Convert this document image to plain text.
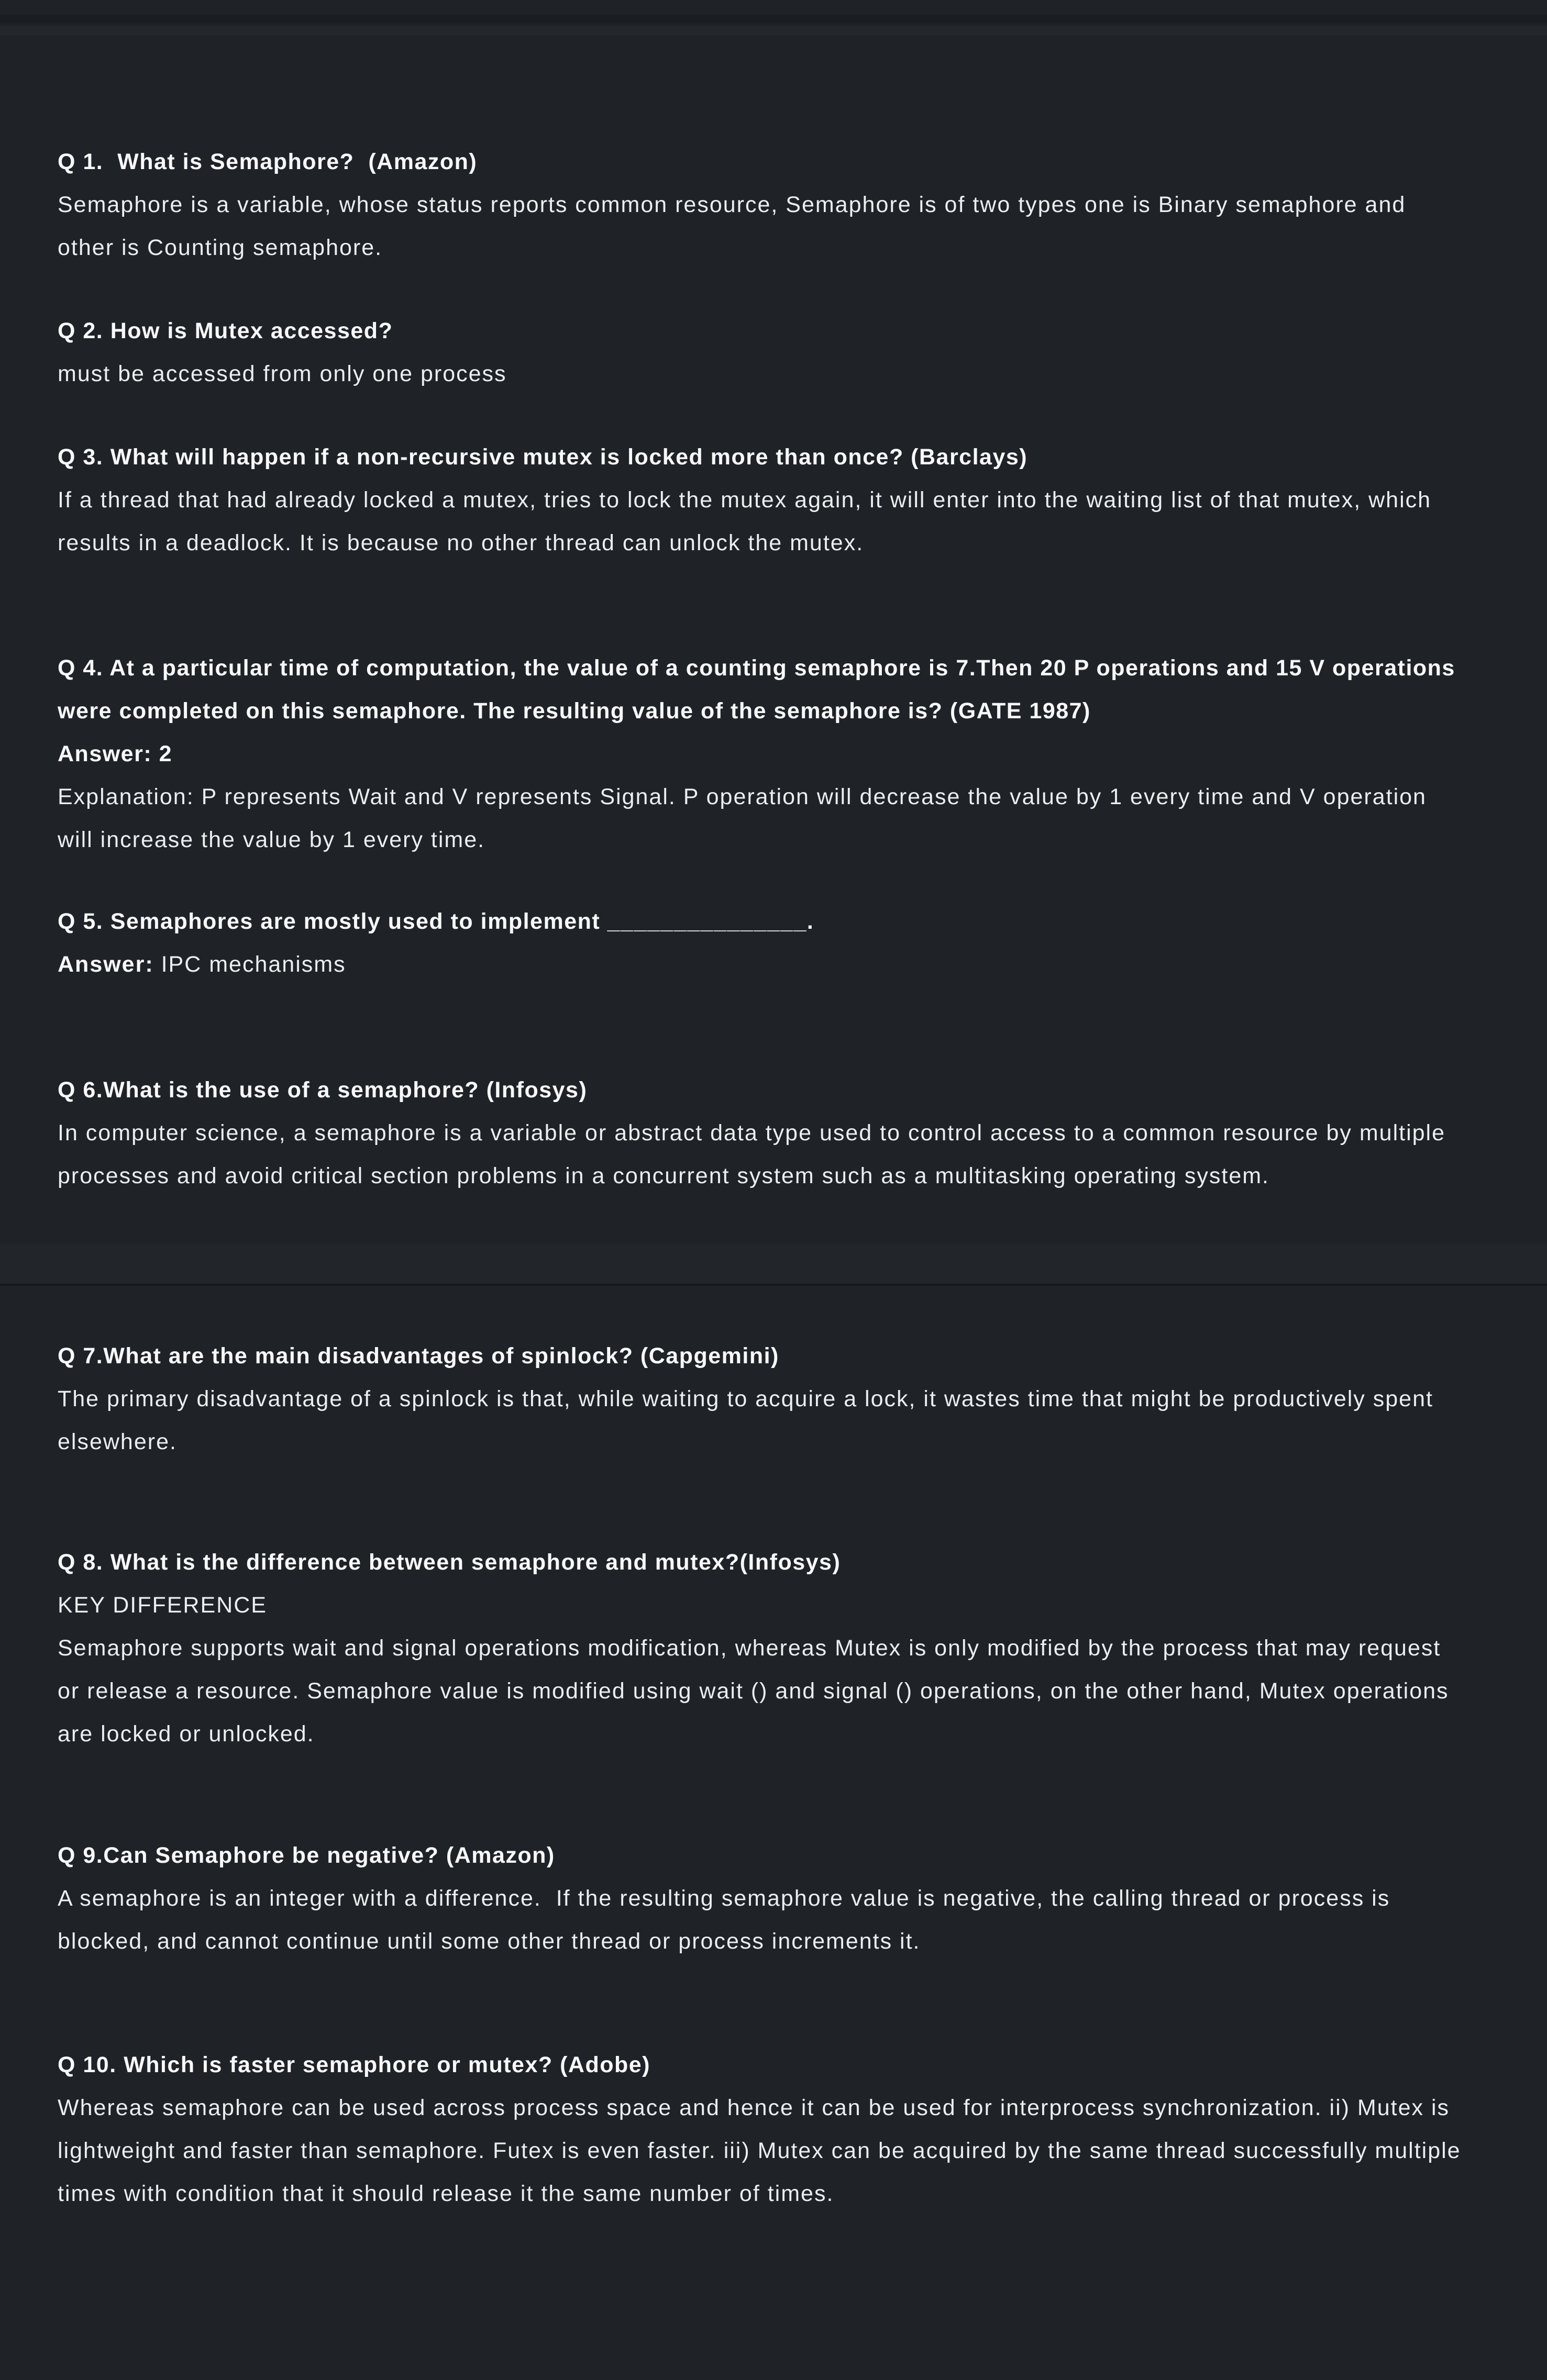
Q 1.  What is Semaphore?  (Amazon)

Semaphore is a variable, whose status reports common resource, Semaphore is of two types one is Binary semaphore and other is Counting semaphore.

Q 2. How is Mutex accessed?

must be accessed from only one process

Q 3. What will happen if a non-recursive mutex is locked more than once? (Barclays)

If a thread that had already locked a mutex, tries to lock the mutex again, it will enter into the waiting list of that mutex, which results in a deadlock. It is because no other thread can unlock the mutex.

Q 4. At a particular time of computation, the value of a counting semaphore is 7.Then 20 P operations and 15 V operations were completed on this semaphore. The resulting value of the semaphore is? (GATE 1987)

Answer: 2

Explanation: P represents Wait and V represents Signal. P operation will decrease the value by 1 every time and V operation will increase the value by 1 every time.

Q 5. Semaphores are mostly used to implement _______________.

Answer: IPC mechanisms

Q 6.What is the use of a semaphore? (Infosys)

In computer science, a semaphore is a variable or abstract data type used to control access to a common resource by multiple processes and avoid critical section problems in a concurrent system such as a multitasking operating system.

Q 7.What are the main disadvantages of spinlock? (Capgemini)

The primary disadvantage of a spinlock is that, while waiting to acquire a lock, it wastes time that might be productively spent elsewhere.

Q 8. What is the difference between semaphore and mutex?(Infosys)

KEY DIFFERENCE

Semaphore supports wait and signal operations modification, whereas Mutex is only modified by the process that may request or release a resource. Semaphore value is modified using wait () and signal () operations, on the other hand, Mutex operations are locked or unlocked.

Q 9.Can Semaphore be negative? (Amazon)

A semaphore is an integer with a difference.  If the resulting semaphore value is negative, the calling thread or process is blocked, and cannot continue until some other thread or process increments it.

Q 10. Which is faster semaphore or mutex? (Adobe)

Whereas semaphore can be used across process space and hence it can be used for interprocess synchronization. ii) Mutex is lightweight and faster than semaphore. Futex is even faster. iii) Mutex can be acquired by the same thread successfully multiple times with condition that it should release it the same number of times.
